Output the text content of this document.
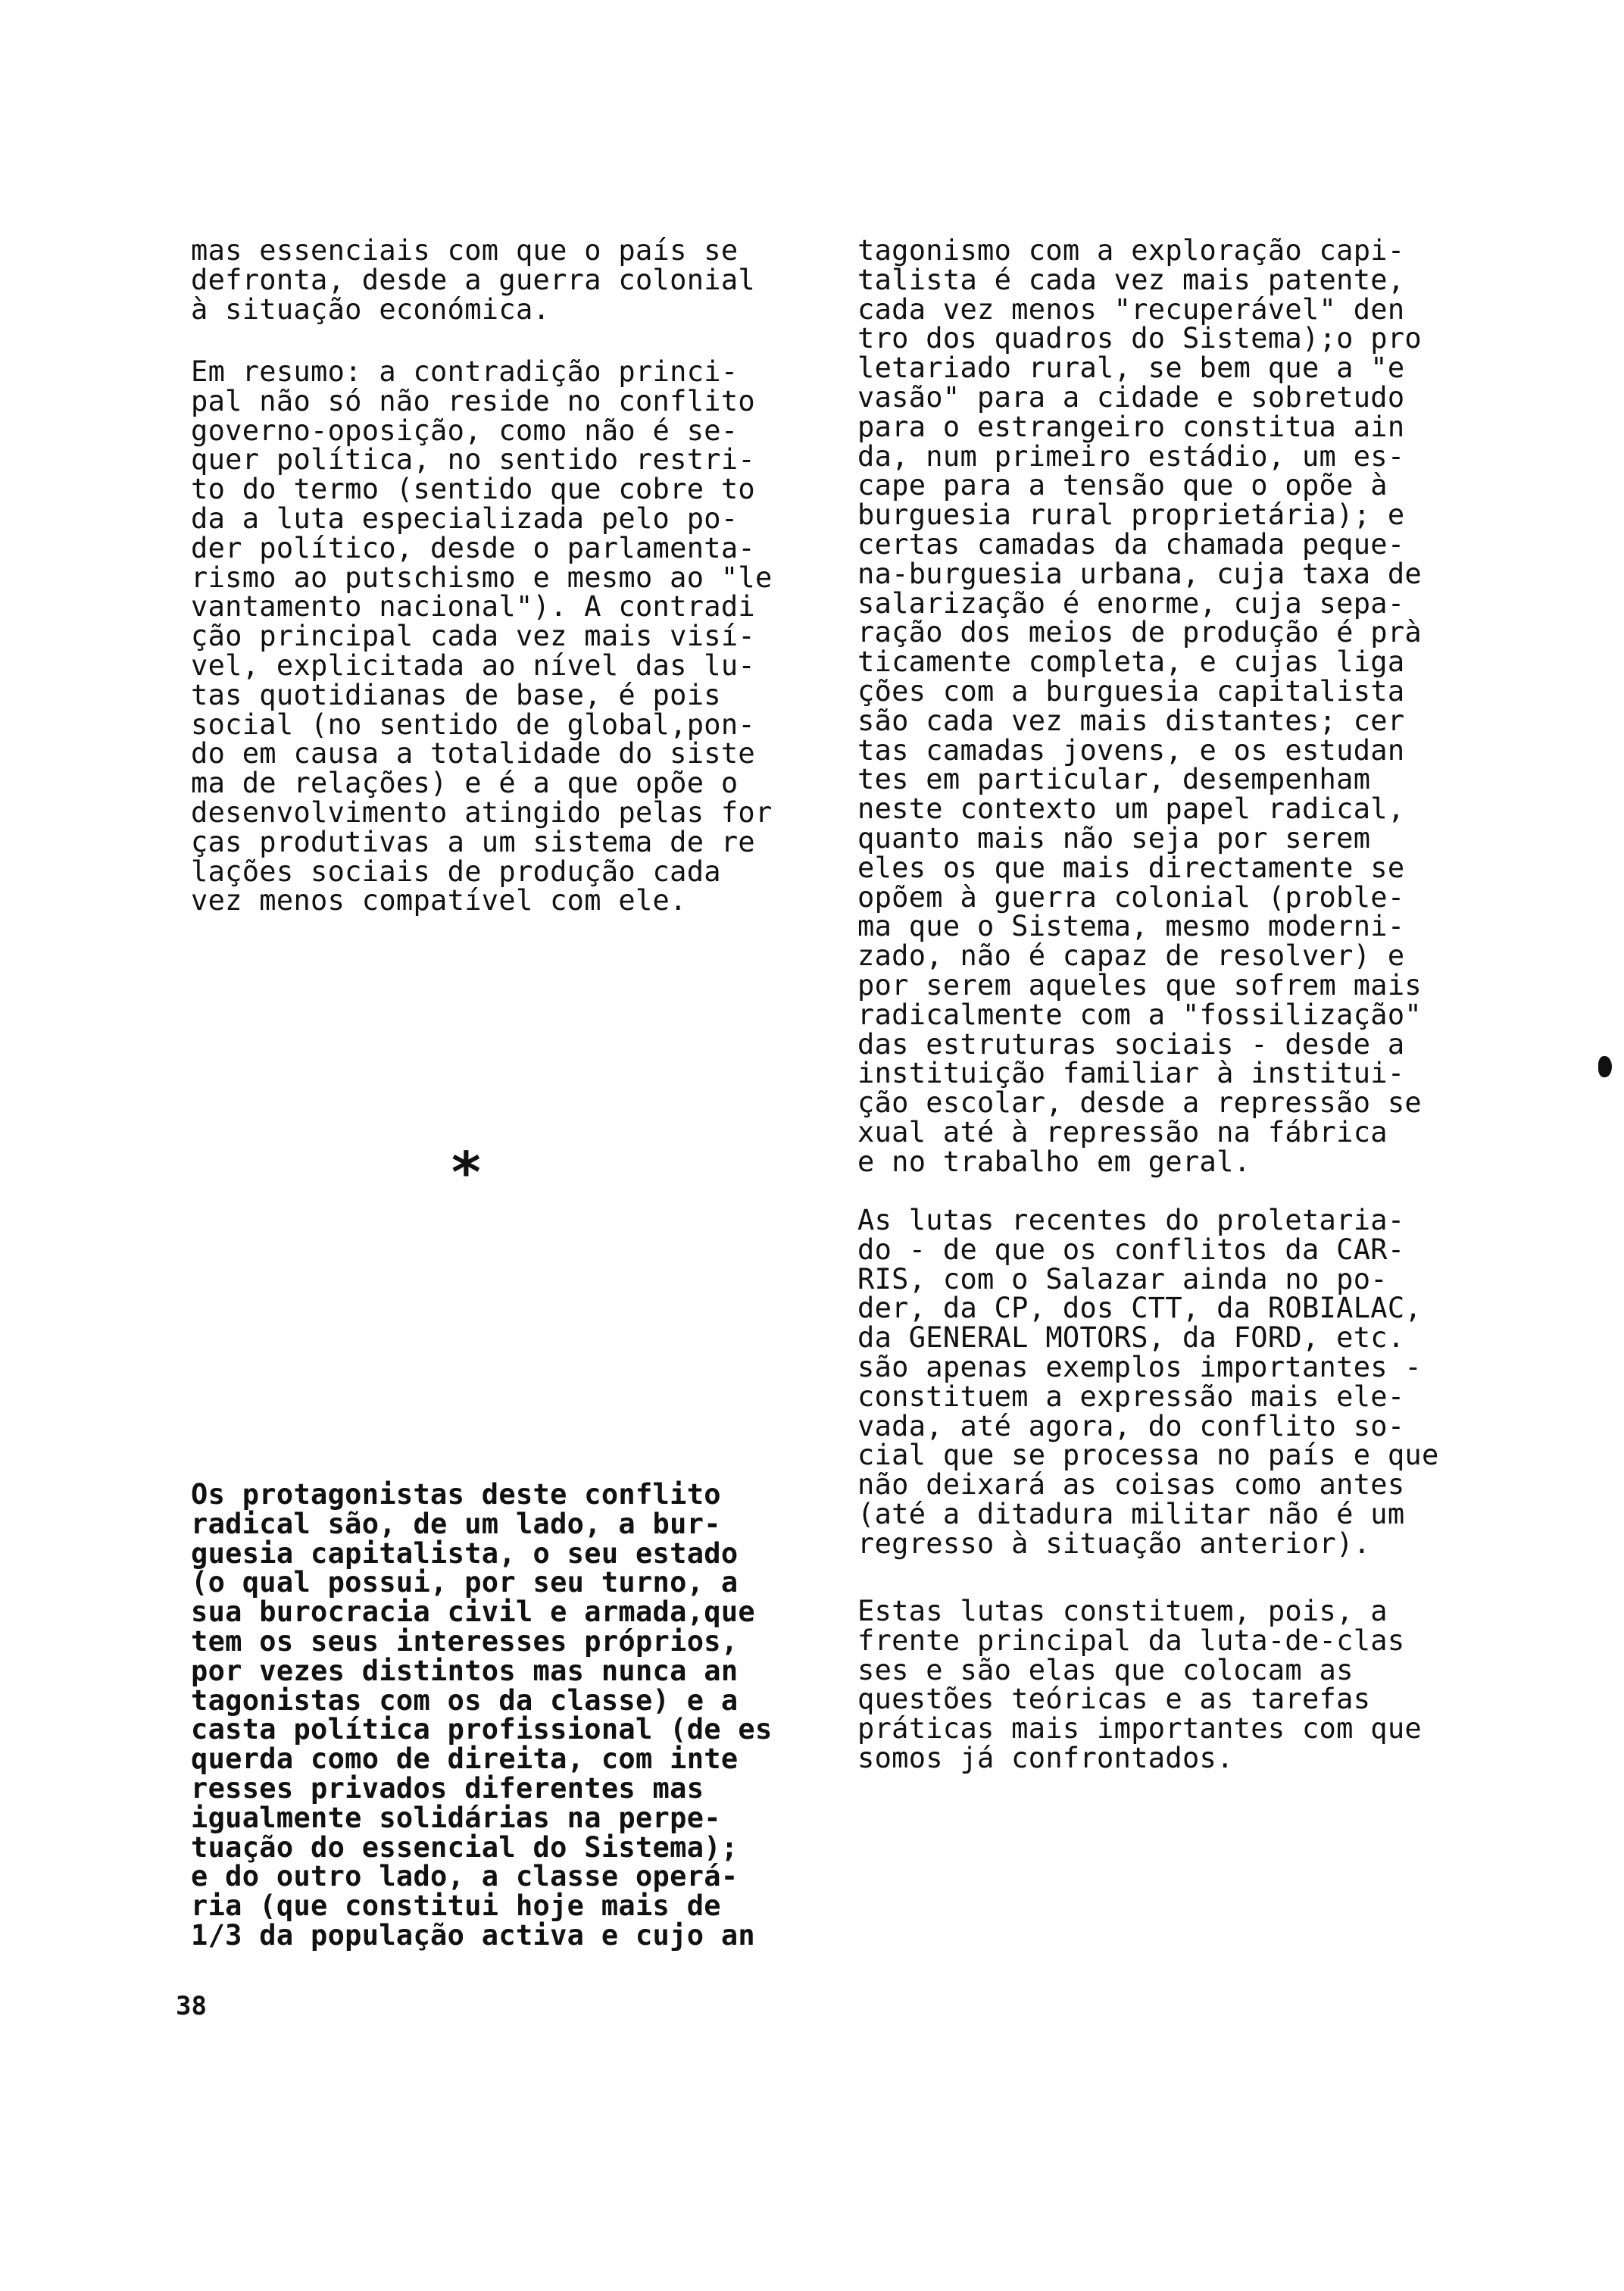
mas essenciais com que o país se
defronta, desde a guerra colonial
à situação económica.

Em resumo: a contradição princi-
pal não só não reside no conflito
governo-oposição, como não é se-
quer política, no sentido restri-
to do termo (sentido que cobre to
da a luta especializada pelo po-
der político, desde o parlamenta-
rismo ao putschismo e mesmo ao "le
vantamento nacional"). A contradi
ção principal cada vez mais visí-
vel, explicitada ao nível das lu-
tas quotidianas de base, é pois
social (no sentido de global,pon-
do em causa a totalidade do siste
ma de relações) e é a que opõe o
desenvolvimento atingido pelas for
ças produtivas a um sistema de re
lações sociais de produção cada
vez menos compatível com ele.

*

Os protagonistas deste conflito
radical são, de um lado, a bur-
guesia capitalista, o seu estado
(o qual possui, por seu turno, a
sua burocracia civil e armada,que
tem os seus interesses próprios,
por vezes distintos mas nunca an
tagonistas com os da classe) e a
casta política profissional (de es
querda como de direita, com inte
resses privados diferentes mas
igualmente solidárias na perpe-
tuação do essencial do Sistema);
e do outro lado, a classe operá-
ria (que constitui hoje mais de
1/3 da população activa e cujo an

tagonismo com a exploração capi-
talista é cada vez mais patente,
cada vez menos "recuperável" den
tro dos quadros do Sistema);o pro
letariado rural, se bem que a "e
vasão" para a cidade e sobretudo
para o estrangeiro constitua ain
da, num primeiro estádio, um es-
cape para a tensão que o opõe à
burguesia rural proprietária); e
certas camadas da chamada peque-
na-burguesia urbana, cuja taxa de
salarização é enorme, cuja sepa-
ração dos meios de produção é prà
ticamente completa, e cujas liga
ções com a burguesia capitalista
são cada vez mais distantes; cer
tas camadas jovens, e os estudan
tes em particular, desempenham
neste contexto um papel radical,
quanto mais não seja por serem
eles os que mais directamente se
opõem à guerra colonial (proble-
ma que o Sistema, mesmo moderni-
zado, não é capaz de resolver) e
por serem aqueles que sofrem mais
radicalmente com a "fossilização"
das estruturas sociais - desde a
instituição familiar à institui-
ção escolar, desde a repressão se
xual até à repressão na fábrica
e no trabalho em geral.

As lutas recentes do proletaria-
do - de que os conflitos da CAR-
RIS, com o Salazar ainda no po-
der, da CP, dos CTT, da ROBIALAC,
da GENERAL MOTORS, da FORD, etc.
são apenas exemplos importantes -
constituem a expressão mais ele-
vada, até agora, do conflito so-
cial que se processa no país e que
não deixará as coisas como antes
(até a ditadura militar não é um
regresso à situação anterior).

Estas lutas constituem, pois, a
frente principal da luta-de-clas
ses e são elas que colocam as
questões teóricas e as tarefas
práticas mais importantes com que
somos já confrontados.

38
